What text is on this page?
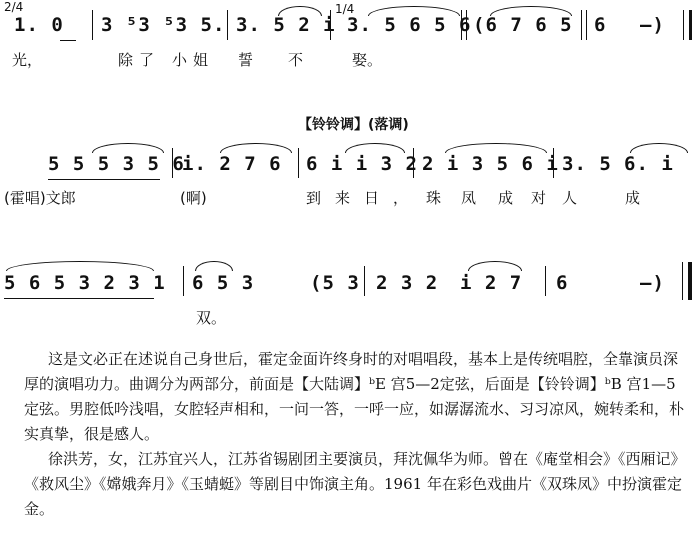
2/4
1. 0 3 ⁵3 ⁵3 5. 3. 5 2 i
1/4
3. 5 6 5 6 (6 7 6 5 6 —)
光，	除了 小姐 誓 不	娶。
【铃铃调】(落调)
5 5 5 3 5 6
i. 2 7 6 6 i i 3 2 2 i 3 5 6 i 3. 5 6. i
(霍唱)文郎	(啊)	到来日， 珠凤 成对
人	成
5 6 5 3 2 3 1 6 5 3	(5 3 2 3 2 i 2 7 6	—)
双。
这是文必正在述说自己身世后，霍定金面许终身时的对唱唱段，基本上是传统唱腔，全靠演员深厚的演唱功力。曲调分为两部分，前面是【大陆调】ᵇE 宫5—2定弦，后面是【铃铃调】ᵇB 宫1—5定弦。男腔低吟浅唱，女腔轻声相和，一问一答，一呼一应，如潺潺流水、习习凉风，婉转柔和，朴实真挚，很是感人。
徐洪芳，女，江苏宜兴人，江苏省锡剧团主要演员，拜沈佩华为师。曾在《庵堂相会》《西厢记》《救风尘》《嫦娥奔月》《玉蜻蜓》等剧目中饰演主角。1961 年在彩色戏曲片《双珠凤》中扮演霍定金。
